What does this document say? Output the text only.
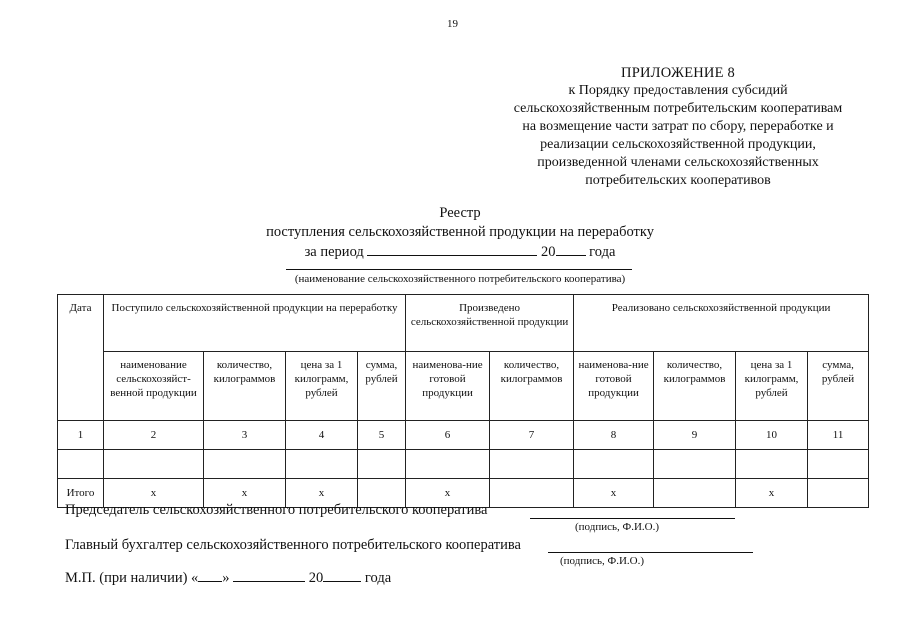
19
ПРИЛОЖЕНИЕ 8
к Порядку предоставления субсидий
сельскохозяйственным потребительским кооперативам
на возмещение части затрат по сбору, переработке и
реализации сельскохозяйственной продукции,
произведенной членами сельскохозяйственных
потребительских кооперативов
Реестр
поступления сельскохозяйственной продукции на переработку
за период	20 года
(наименование сельскохозяйственного потребительского кооператива)
Дата	Поступило сельскохозяйственной продукции на переработку				Произведено сельскохозяйственной продукции		Реализовано сельскохозяйственной продукции			
	наименование сельскохозяйст-венной продукции	количество, килограммов	цена за 1 килограмм, рублей	сумма, рублей	наименова-ние готовой продукции	количество, килограммов	наименова-ние готовой продукции	количество, килограммов	цена за 1 килограмм, рублей	сумма, рублей
1	2	3	4	5	6	7	8	9	10	11

Итого	x	x	x		x		x		x	
Председатель сельскохозяйственного потребительского кооператива
(подпись, Ф.И.О.)
Главный бухгалтер сельскохозяйственного потребительского кооператива
(подпись, Ф.И.О.)
М.П. (при наличии) « »	20	года
